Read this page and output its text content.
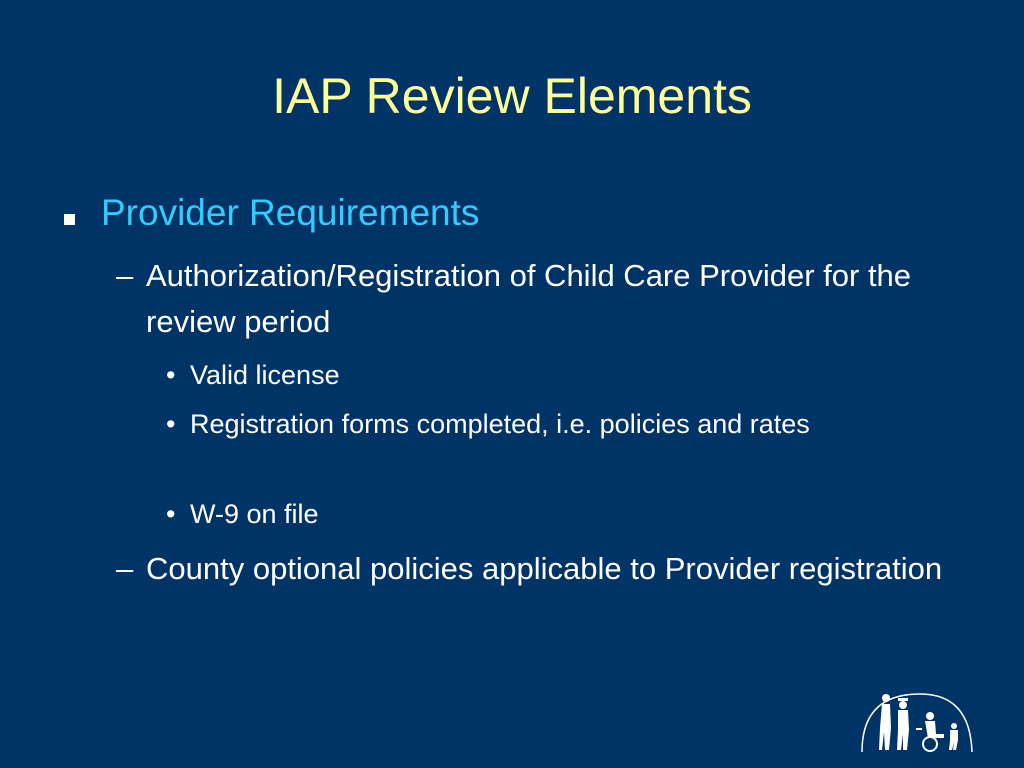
IAP Review Elements
Provider Requirements
– Authorization/Registration of Child Care Provider for the review period
• Valid license
• Registration forms completed, i.e. policies and rates
• W-9 on file
– County optional policies applicable to Provider registration
